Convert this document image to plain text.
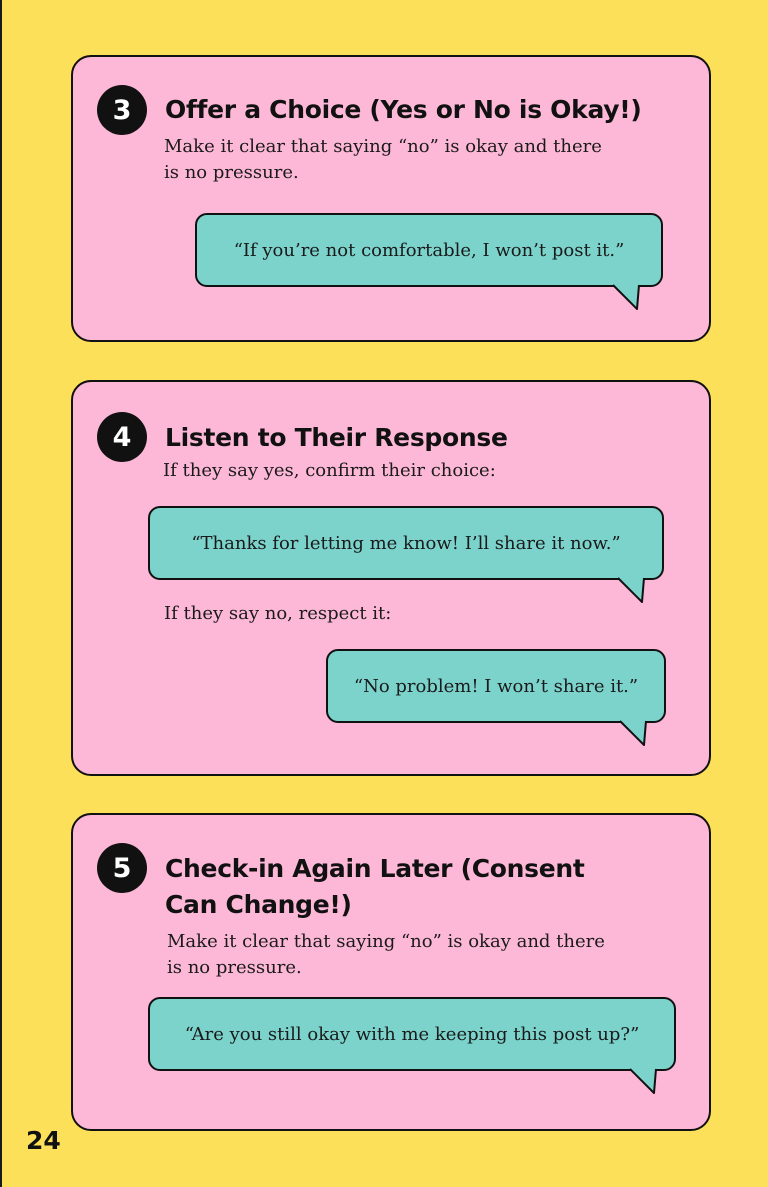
3	Offer a Choice (Yes or No is Okay!)

Make it clear that saying “no” is okay and there is no pressure.

“If you’re not comfortable, I won’t post it.”
4	Listen to Their Response

If they say yes, confirm their choice:

“Thanks for letting me know! I’ll share it now.”

If they say no, respect it:

“No problem! I won’t share it.”
5	Check-in Again Later (Consent Can Change!)

Make it clear that saying “no” is okay and there is no pressure.

“Are you still okay with me keeping this post up?”
24
